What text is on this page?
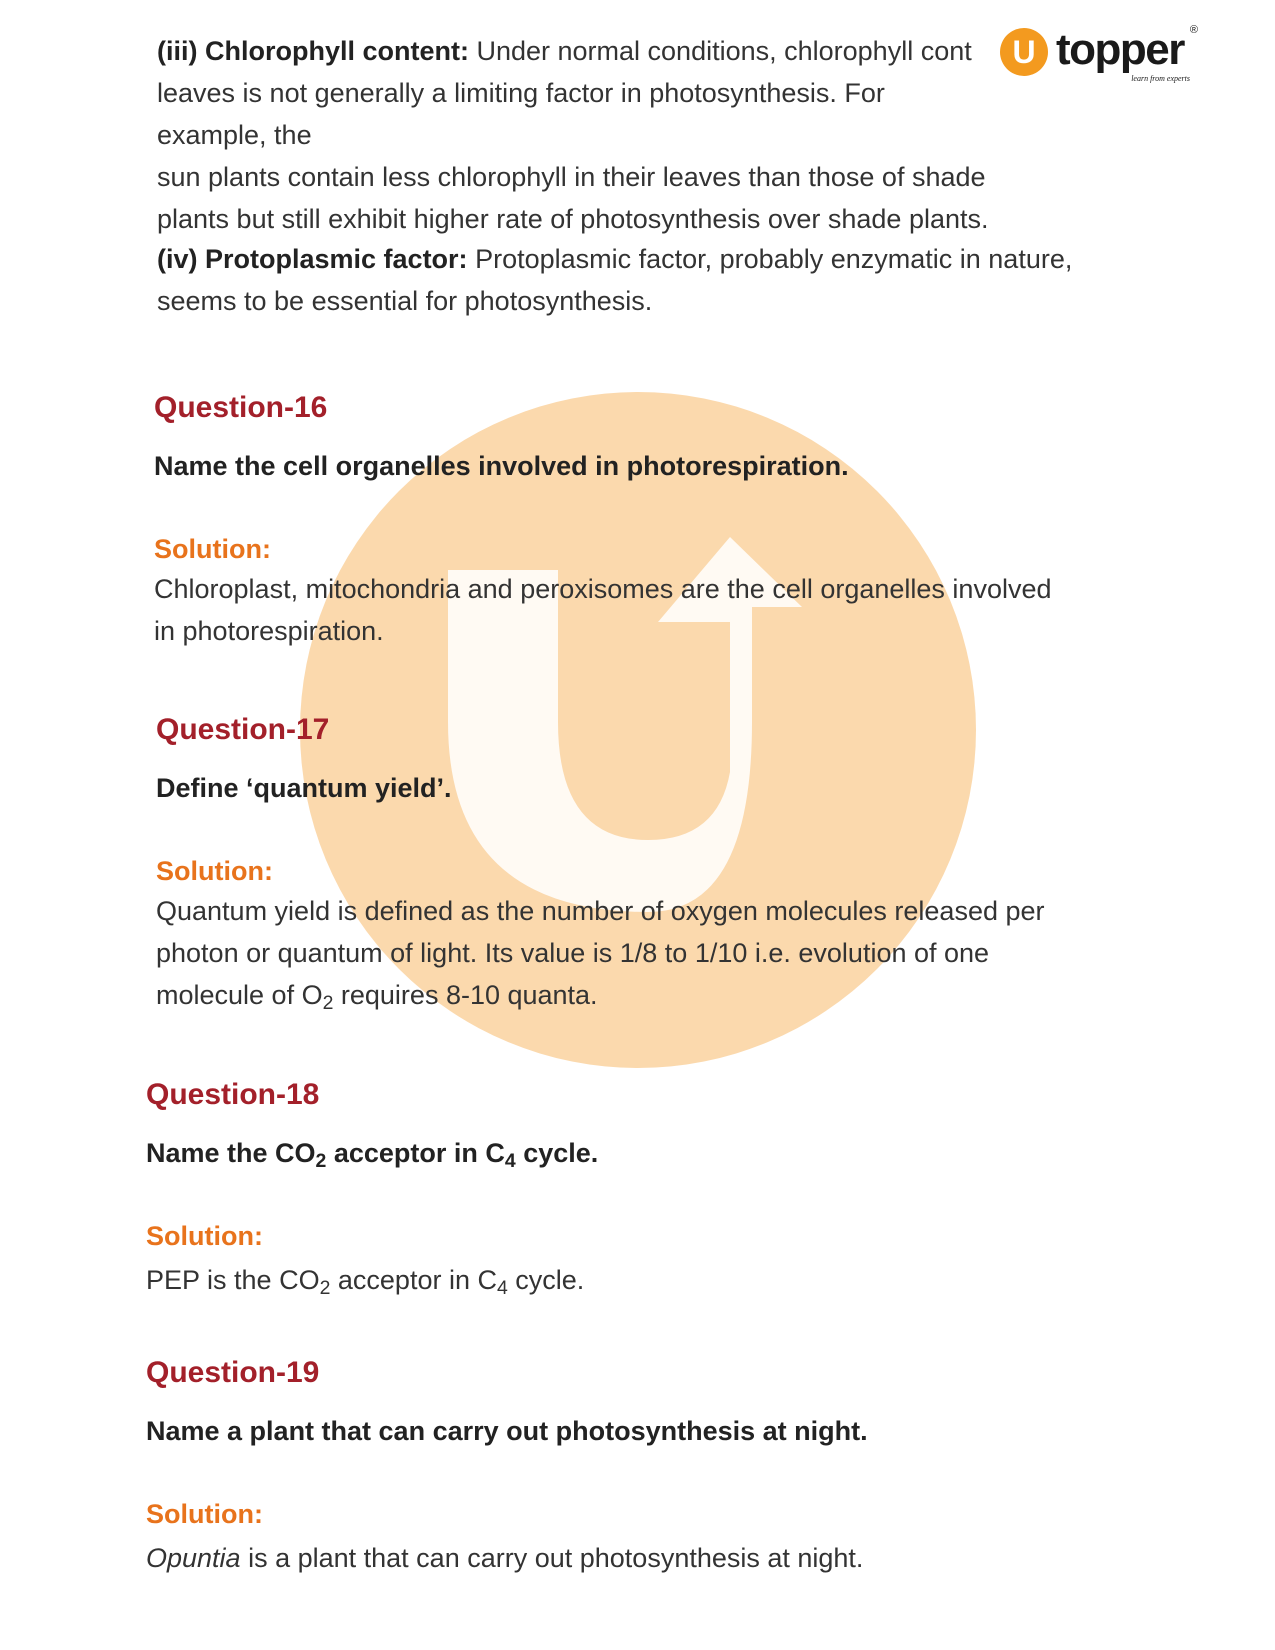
U topper ®
learn from experts
(iii) Chlorophyll content: Under normal conditions, chlorophyll cont
leaves is not generally a limiting factor in photosynthesis. For example, the
sun plants contain less chlorophyll in their leaves than those of shade
plants but still exhibit higher rate of photosynthesis over shade plants.
(iv) Protoplasmic factor: Protoplasmic factor, probably enzymatic in nature,
seems to be essential for photosynthesis.
Question-16
Name the cell organelles involved in photorespiration.
Solution:
Chloroplast, mitochondria and peroxisomes are the cell organelles involved
in photorespiration.
Question-17
Define ‘quantum yield’.
Solution:
Quantum yield is defined as the number of oxygen molecules released per
photon or quantum of light. Its value is 1/8 to 1/10 i.e. evolution of one
molecule of $O_2$ requires 8-10 quanta.
Question-18
Name the $CO_2$ acceptor in $C_4$ cycle.
Solution:
PEP is the $CO_2$ acceptor in $C_4$ cycle.
Question-19
Name a plant that can carry out photosynthesis at night.
Solution:
Opuntia is a plant that can carry out photosynthesis at night.
